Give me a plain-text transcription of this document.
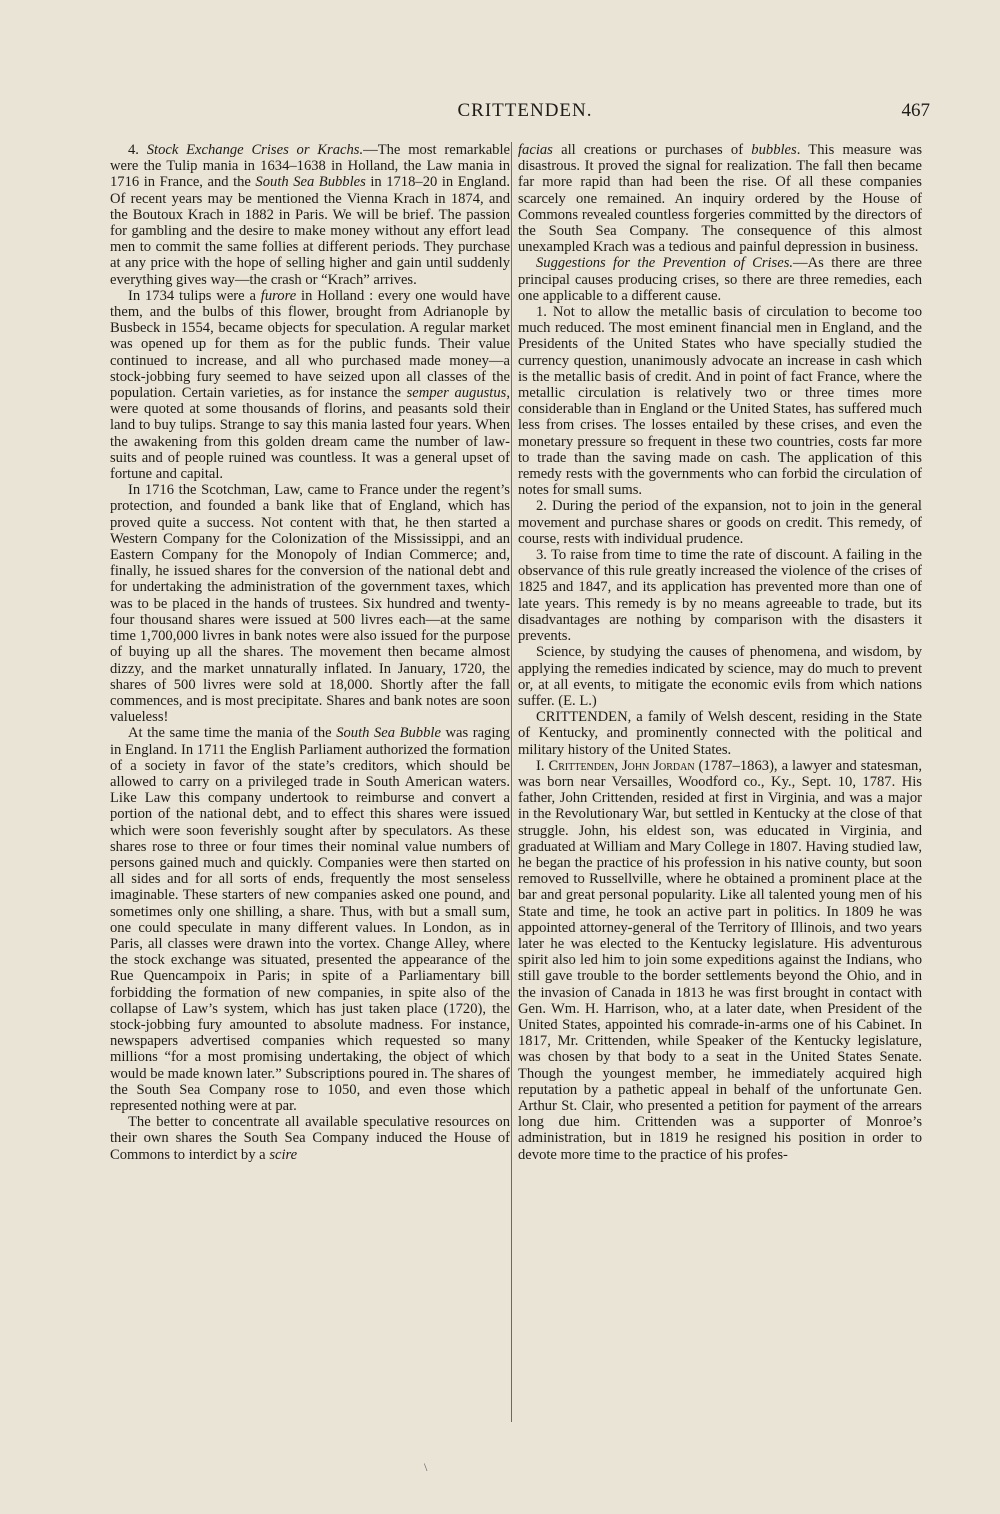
CRITTENDEN.	467

4. Stock Exchange Crises or Krachs.—The most remarkable were the Tulip mania in 1634–1638 in Holland, the Law mania in 1716 in France, and the South Sea Bubbles in 1718–20 in England. Of recent years may be mentioned the Vienna Krach in 1874, and the Boutoux Krach in 1882 in Paris. We will be brief. The passion for gambling and the desire to make money without any effort lead men to commit the same follies at different periods. They purchase at any price with the hope of selling higher and gain until suddenly everything gives way—the crash or “Krach” arrives.

In 1734 tulips were a furore in Holland : every one would have them, and the bulbs of this flower, brought from Adrianople by Busbeck in 1554, became objects for speculation. A regular market was opened up for them as for the public funds. Their value continued to increase, and all who purchased made money—a stock-jobbing fury seemed to have seized upon all classes of the population. Certain varieties, as for instance the semper augustus, were quoted at some thousands of florins, and peasants sold their land to buy tulips. Strange to say this mania lasted four years. When the awakening from this golden dream came the number of law-suits and of people ruined was countless. It was a general upset of fortune and capital.

In 1716 the Scotchman, Law, came to France under the regent’s protection, and founded a bank like that of England, which has proved quite a success. Not content with that, he then started a Western Company for the Colonization of the Mississippi, and an Eastern Company for the Monopoly of Indian Commerce; and, finally, he issued shares for the conversion of the national debt and for undertaking the administration of the government taxes, which was to be placed in the hands of trustees. Six hundred and twenty-four thousand shares were issued at 500 livres each—at the same time 1,700,000 livres in bank notes were also issued for the purpose of buying up all the shares. The movement then became almost dizzy, and the market unnaturally inflated. In January, 1720, the shares of 500 livres were sold at 18,000. Shortly after the fall commences, and is most precipitate. Shares and bank notes are soon valueless!

At the same time the mania of the South Sea Bubble was raging in England. In 1711 the English Parliament authorized the formation of a society in favor of the state’s creditors, which should be allowed to carry on a privileged trade in South American waters. Like Law this company undertook to reimburse and convert a portion of the national debt, and to effect this shares were issued which were soon feverishly sought after by speculators. As these shares rose to three or four times their nominal value numbers of persons gained much and quickly. Companies were then started on all sides and for all sorts of ends, frequently the most senseless imaginable. These starters of new companies asked one pound, and sometimes only one shilling, a share. Thus, with but a small sum, one could speculate in many different values. In London, as in Paris, all classes were drawn into the vortex. Change Alley, where the stock exchange was situated, presented the appearance of the Rue Quencampoix in Paris; in spite of a Parliamentary bill forbidding the formation of new companies, in spite also of the collapse of Law’s system, which has just taken place (1720), the stock-jobbing fury amounted to absolute madness. For instance, newspapers advertised companies which requested so many millions “for a most promising undertaking, the object of which would be made known later.” Subscriptions poured in. The shares of the South Sea Company rose to 1050, and even those which represented nothing were at par.

The better to concentrate all available speculative resources on their own shares the South Sea Company induced the House of Commons to interdict by a scire

facias all creations or purchases of bubbles. This measure was disastrous. It proved the signal for realization. The fall then became far more rapid than had been the rise. Of all these companies scarcely one remained. An inquiry ordered by the House of Commons revealed countless forgeries committed by the directors of the South Sea Company. The consequence of this almost unexampled Krach was a tedious and painful depression in business.

Suggestions for the Prevention of Crises.—As there are three principal causes producing crises, so there are three remedies, each one applicable to a different cause.

1. Not to allow the metallic basis of circulation to become too much reduced. The most eminent financial men in England, and the Presidents of the United States who have specially studied the currency question, unanimously advocate an increase in cash which is the metallic basis of credit. And in point of fact France, where the metallic circulation is relatively two or three times more considerable than in England or the United States, has suffered much less from crises. The losses entailed by these crises, and even the monetary pressure so frequent in these two countries, costs far more to trade than the saving made on cash. The application of this remedy rests with the governments who can forbid the circulation of notes for small sums.

2. During the period of the expansion, not to join in the general movement and purchase shares or goods on credit. This remedy, of course, rests with individual prudence.

3. To raise from time to time the rate of discount. A failing in the observance of this rule greatly increased the violence of the crises of 1825 and 1847, and its application has prevented more than one of late years. This remedy is by no means agreeable to trade, but its disadvantages are nothing by comparison with the disasters it prevents.

Science, by studying the causes of phenomena, and wisdom, by applying the remedies indicated by science, may do much to prevent or, at all events, to mitigate the economic evils from which nations suffer. (E. L.)

CRITTENDEN, a family of Welsh descent, residing in the State of Kentucky, and prominently connected with the political and military history of the United States.

I. Crittenden, John Jordan (1787–1863), a lawyer and statesman, was born near Versailles, Woodford co., Ky., Sept. 10, 1787. His father, John Crittenden, resided at first in Virginia, and was a major in the Revolutionary War, but settled in Kentucky at the close of that struggle. John, his eldest son, was educated in Virginia, and graduated at William and Mary College in 1807. Having studied law, he began the practice of his profession in his native county, but soon removed to Russellville, where he obtained a prominent place at the bar and great personal popularity. Like all talented young men of his State and time, he took an active part in politics. In 1809 he was appointed attorney-general of the Territory of Illinois, and two years later he was elected to the Kentucky legislature. His adventurous spirit also led him to join some expeditions against the Indians, who still gave trouble to the border settlements beyond the Ohio, and in the invasion of Canada in 1813 he was first brought in contact with Gen. Wm. H. Harrison, who, at a later date, when President of the United States, appointed his comrade-in-arms one of his Cabinet. In 1817, Mr. Crittenden, while Speaker of the Kentucky legislature, was chosen by that body to a seat in the United States Senate. Though the youngest member, he immediately acquired high reputation by a pathetic appeal in behalf of the unfortunate Gen. Arthur St. Clair, who presented a petition for payment of the arrears long due him. Crittenden was a supporter of Monroe’s administration, but in 1819 he resigned his position in order to devote more time to the practice of his profes-

\
